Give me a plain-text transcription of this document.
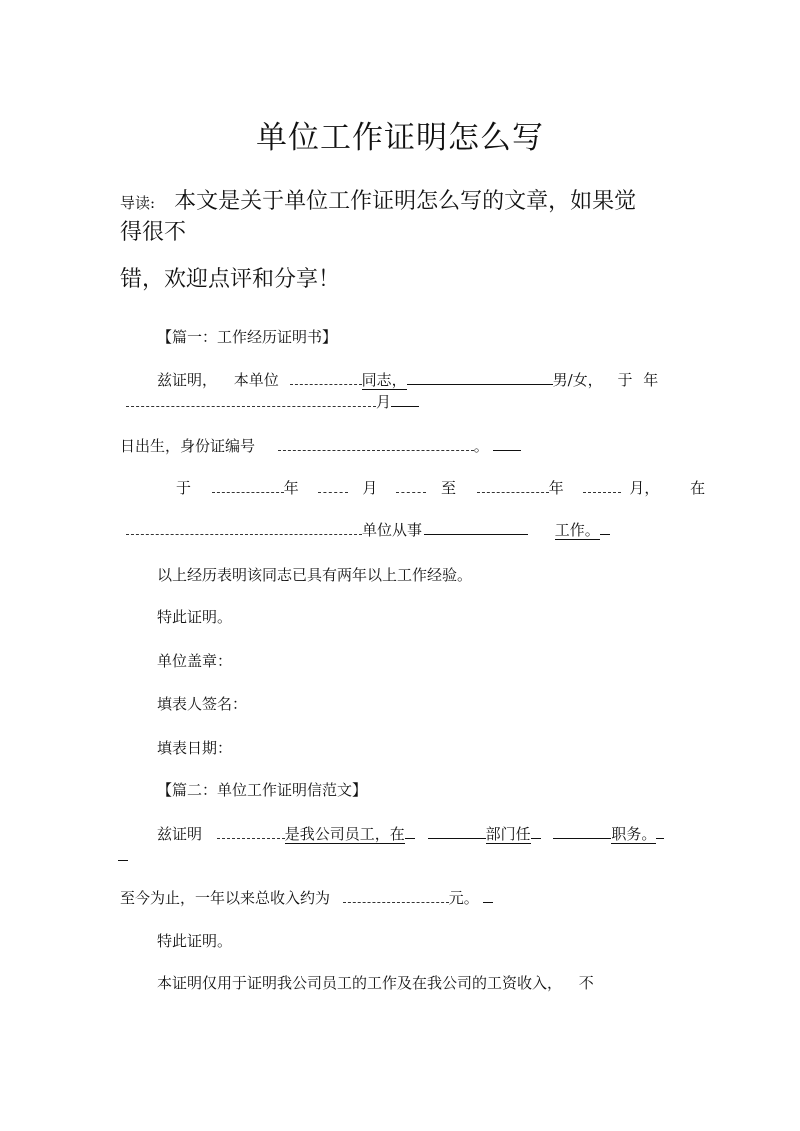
单位工作证明怎么写
导读: 本文是关于单位工作证明怎么写的文章，如果觉
得很不
错，欢迎点评和分享！
【篇一：工作经历证明书】
兹证明， 本单位	同志，	男/女， 于 年
月
日出生，身份证编号	。
于	年	月	至	年	月， 在
单位从事	工作。
以上经历表明该同志已具有两年以上工作经验。
特此证明。
单位盖章：
填表人签名：
填表日期：
【篇二：单位工作证明信范文】
兹证明	是我公司员工，在	部门任	职务。
至今为止，一年以来总收入约为	元。
特此证明。
本证明仅用于证明我公司员工的工作及在我公司的工资收入， 不
